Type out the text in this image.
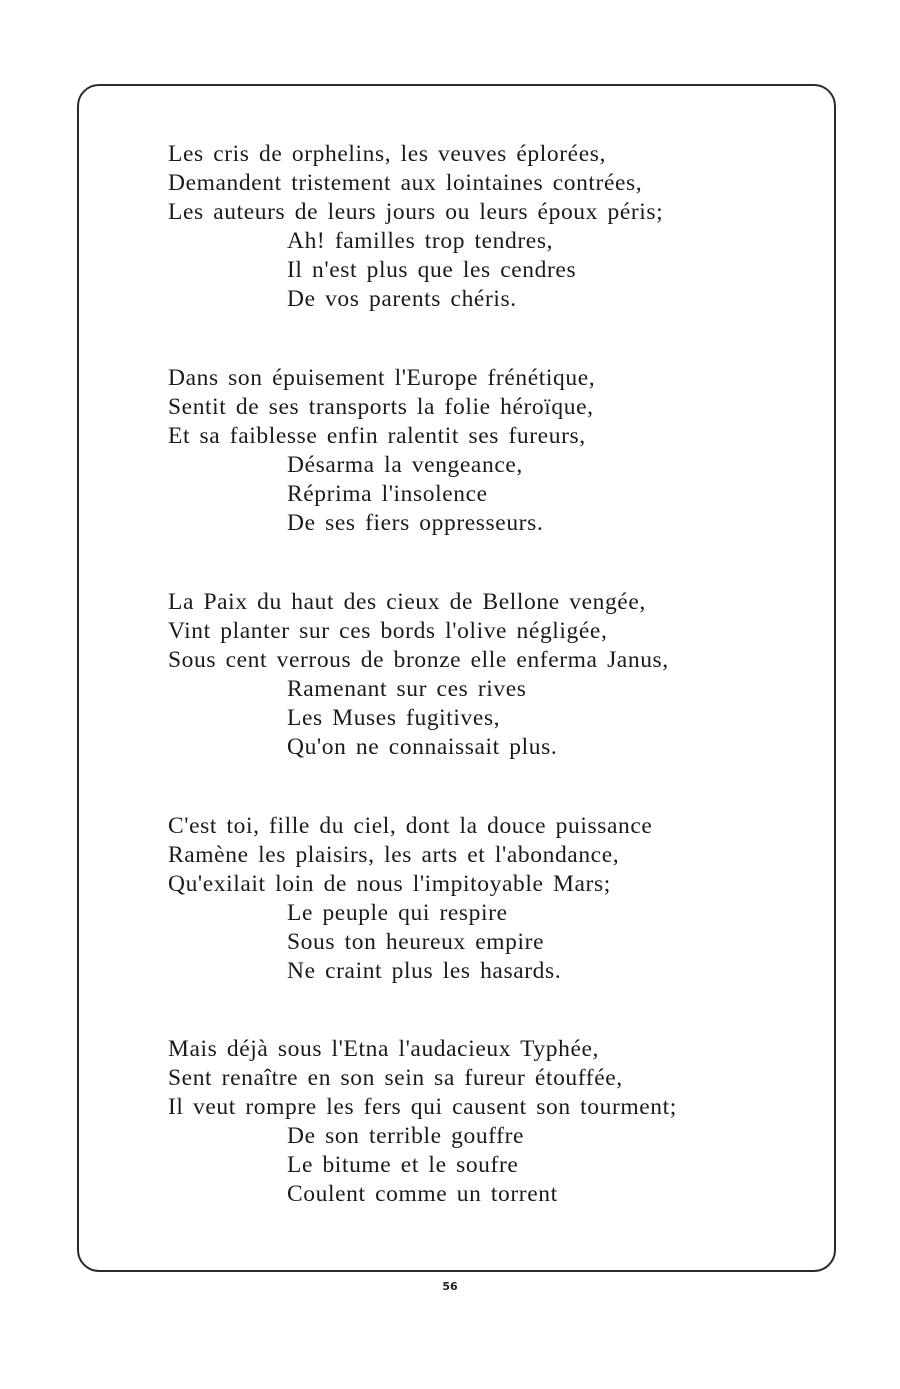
Les cris de orphelins, les veuves éplorées,
Demandent tristement aux lointaines contrées,
Les auteurs de leurs jours ou leurs époux péris;
Ah! familles trop tendres,
Il n'est plus que les cendres
De vos parents chéris.
Dans son épuisement l'Europe frénétique,
Sentit de ses transports la folie héroïque,
Et sa faiblesse enfin ralentit ses fureurs,
Désarma la vengeance,
Réprima l'insolence
De ses fiers oppresseurs.
La Paix du haut des cieux de Bellone vengée,
Vint planter sur ces bords l'olive négligée,
Sous cent verrous de bronze elle enferma Janus,
Ramenant sur ces rives
Les Muses fugitives,
Qu'on ne connaissait plus.
C'est toi, fille du ciel, dont la douce puissance
Ramène les plaisirs, les arts et l'abondance,
Qu'exilait loin de nous l'impitoyable Mars;
Le peuple qui respire
Sous ton heureux empire
Ne craint plus les hasards.
Mais déjà sous l'Etna l'audacieux Typhée,
Sent renaître en son sein sa fureur étouffée,
Il veut rompre les fers qui causent son tourment;
De son terrible gouffre
Le bitume et le soufre
Coulent comme un torrent
56
